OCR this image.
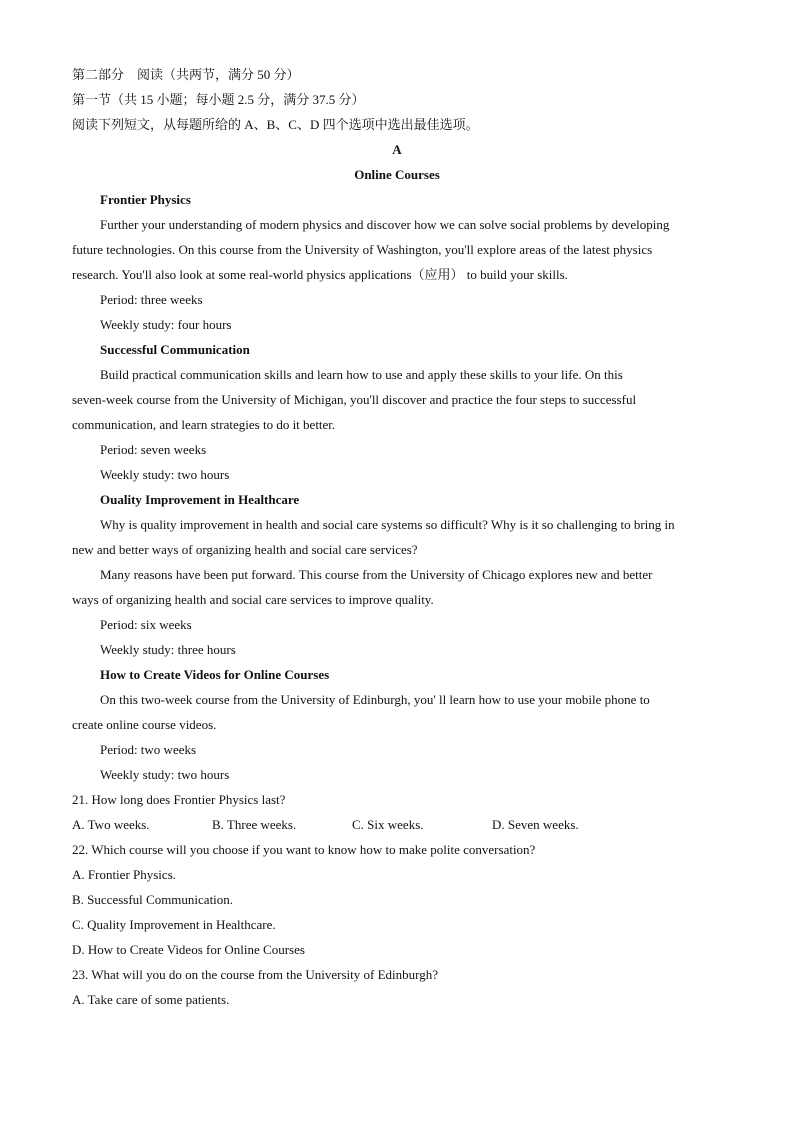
第二部分　阅读（共两节，满分 50 分）
第一节（共 15 小题；每小题 2.5 分，满分 37.5 分）
阅读下列短文，从每题所给的 A、B、C、D 四个选项中选出最佳选项。
A
Online Courses
Frontier Physics
Further your understanding of modern physics and discover how we can solve social problems by developing
future technologies. On this course from the University of Washington, you'll explore areas of the latest physics
research. You'll also look at some real-world physics applications（应用） to build your skills.
Period: three weeks
Weekly study: four hours
Successful Communication
Build practical communication skills and learn how to use and apply these skills to your life. On this
seven-week course from the University of Michigan, you'll discover and practice the four steps to successful
communication, and learn strategies to do it better.
Period: seven weeks
Weekly study: two hours
Ouality Improvement in Healthcare
Why is quality improvement in health and social care systems so difficult? Why is it so challenging to bring in
new and better ways of organizing health and social care services?
Many reasons have been put forward. This course from the University of Chicago explores new and better
ways of organizing health and social care services to improve quality.
Period: six weeks
Weekly study: three hours
How to Create Videos for Online Courses
On this two-week course from the University of Edinburgh, you' ll learn how to use your mobile phone to
create online course videos.
Period: two weeks
Weekly study: two hours
21. How long does Frontier Physics last?
A. Two weeks.	B. Three weeks.	C. Six weeks.	D. Seven weeks.
22. Which course will you choose if you want to know how to make polite conversation?
A. Frontier Physics.
B. Successful Communication.
C. Quality Improvement in Healthcare.
D. How to Create Videos for Online Courses
23. What will you do on the course from the University of Edinburgh?
A. Take care of some patients.
